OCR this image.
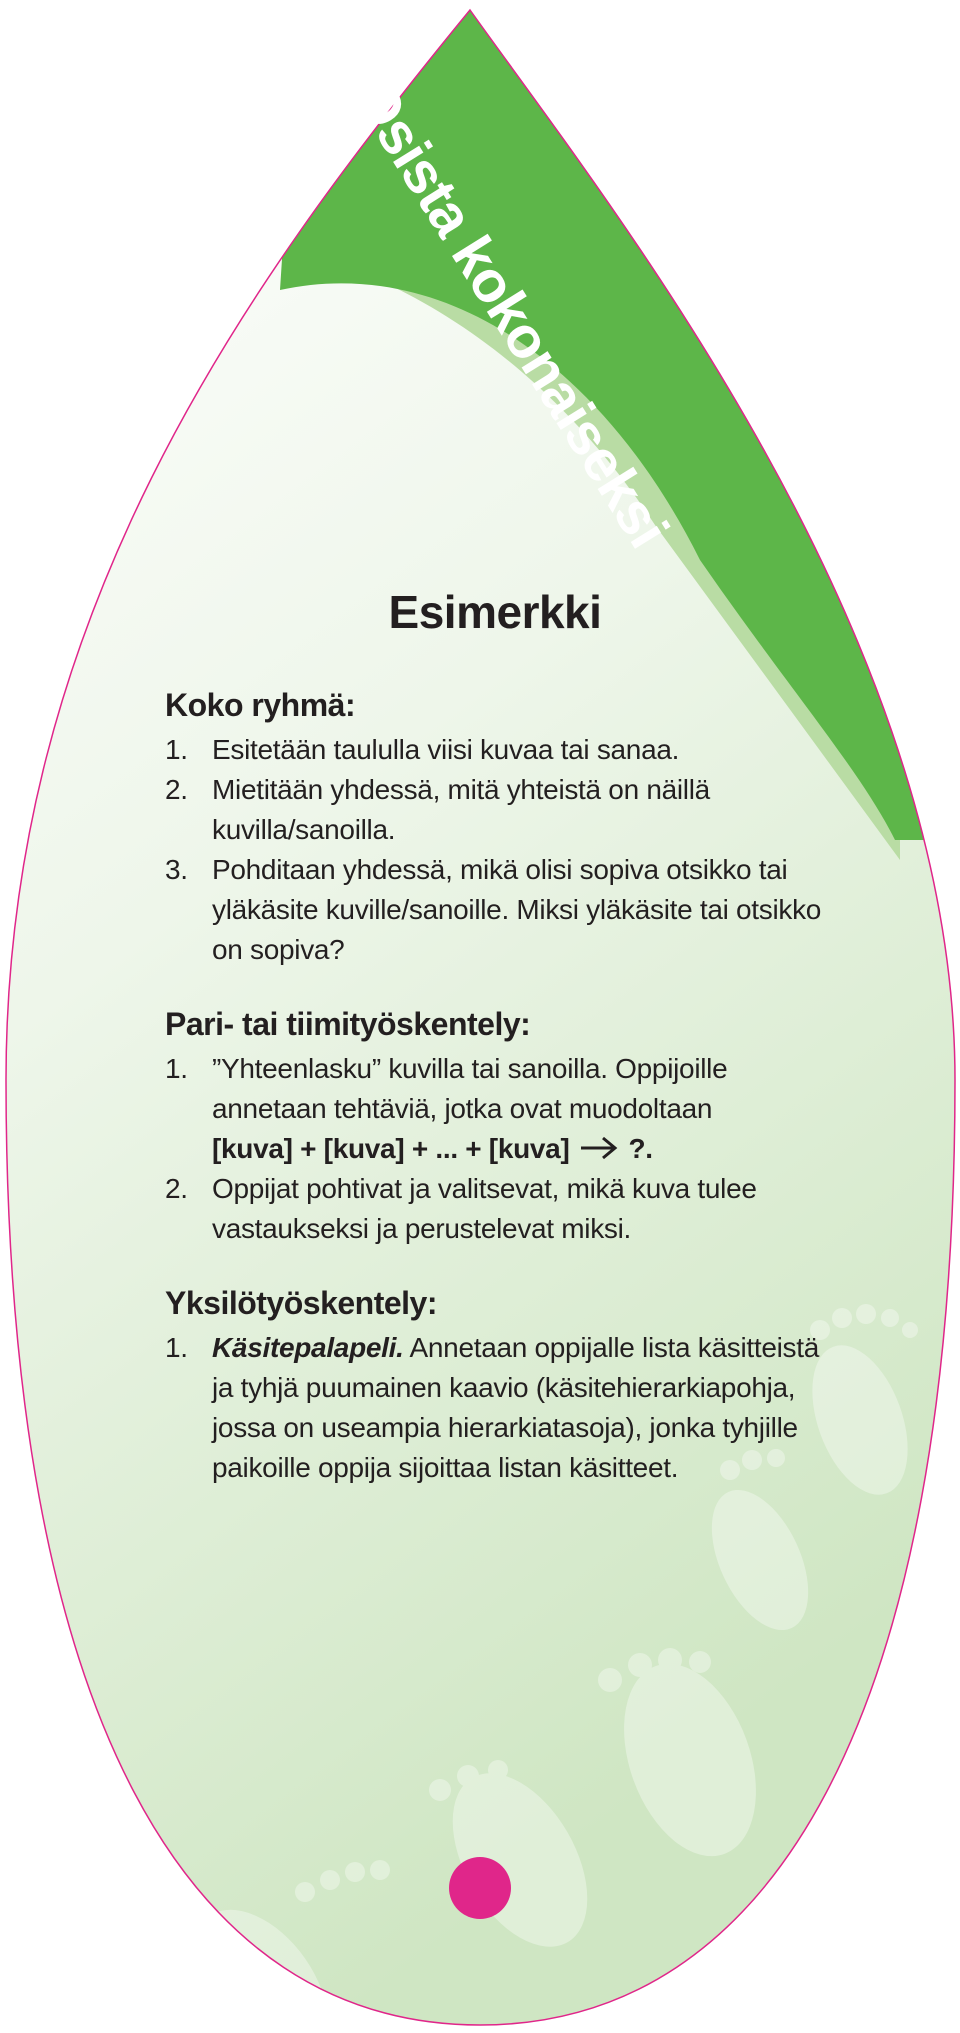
Osista kokonaiseksi
Esimerkki
Koko ryhmä:
1. Esitetään taululla viisi kuvaa tai sanaa.
2. Mietitään yhdessä, mitä yhteistä on näillä kuvilla/sanoilla.
3. Pohditaan yhdessä, mikä olisi sopiva otsikko tai yläkäsite kuville/sanoille. Miksi yläkäsite tai otsikko on sopiva?
Pari- tai tiimityöskentely:
1. ”Yhteenlasku” kuvilla tai sanoilla. Oppijoille annetaan tehtäviä, jotka ovat muodoltaan
[kuva] + [kuva] + ... + [kuva] ?.
2. Oppijat pohtivat ja valitsevat, mikä kuva tulee vastaukseksi ja perustelevat miksi.
Yksilötyöskentely:
1. Käsitepalapeli. Annetaan oppijalle lista käsitteistä ja tyhjä puumainen kaavio (käsitehierarkiapohja, jossa on useampia hierarkiatasoja), jonka tyhjille paikoille oppija sijoittaa listan käsitteet.
